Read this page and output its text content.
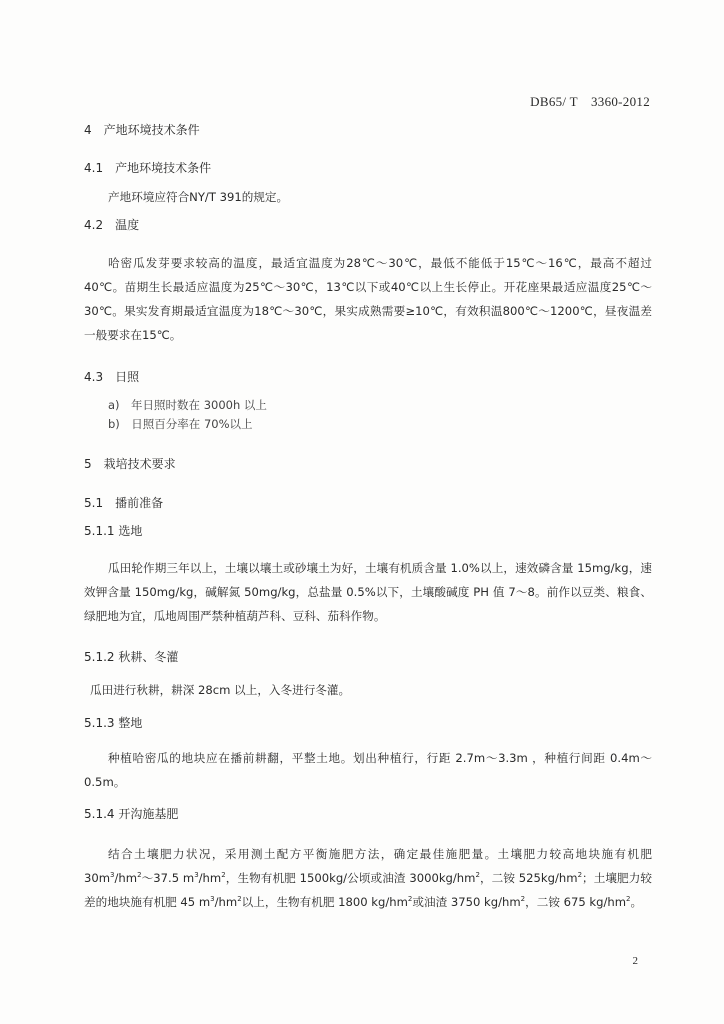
DB65/ T　3360-2012
4　产地环境技术条件
4.1　产地环境技术条件
产地环境应符合NY/T 391的规定。
4.2　温度
哈密瓜发芽要求较高的温度，最适宜温度为28℃～30℃，最低不能低于15℃～16℃，最高不超过40℃。苗期生长最适应温度为25℃～30℃，13℃以下或40℃以上生长停止。开花座果最适应温度25℃～30℃。果实发育期最适宜温度为18℃～30℃，果实成熟需要≥10℃，有效积温800℃～1200℃，昼夜温差一般要求在15℃。
4.3　日照
a)　年日照时数在 3000h 以上
b)　日照百分率在 70%以上
5　栽培技术要求
5.1　播前准备
5.1.1 选地
瓜田轮作期三年以上，土壤以壤土或砂壤土为好，土壤有机质含量 1.0%以上，速效磷含量 15mg/kg，速效钾含量 150mg/kg，碱解氮 50mg/kg，总盐量 0.5%以下，土壤酸碱度 PH 值 7～8。前作以豆类、粮食、绿肥地为宜，瓜地周围严禁种植葫芦科、豆科、茄科作物。
5.1.2 秋耕、冬灌
瓜田进行秋耕，耕深 28cm 以上，入冬进行冬灌。
5.1.3 整地
种植哈密瓜的地块应在播前耕翻，平整土地。划出种植行，行距 2.7m～3.3m ，种植行间距 0.4m～0.5m。
5.1.4 开沟施基肥
结合土壤肥力状况，采用测土配方平衡施肥方法，确定最佳施肥量。土壤肥力较高地块施有机肥 $30m^3/hm^2\sim 37.5$ $m^3/hm^2$，生物有机肥 1500kg/公顷或油渣 $3000kg/hm^2$，二铵 $525kg/hm^2$；土壤肥力较差的地块施有机肥 45 $m^3/hm^2$以上，生物有机肥 1800 $kg/hm^2$或油渣 3750 $kg/hm^2$，二铵 675 $kg/hm^2$。
2
